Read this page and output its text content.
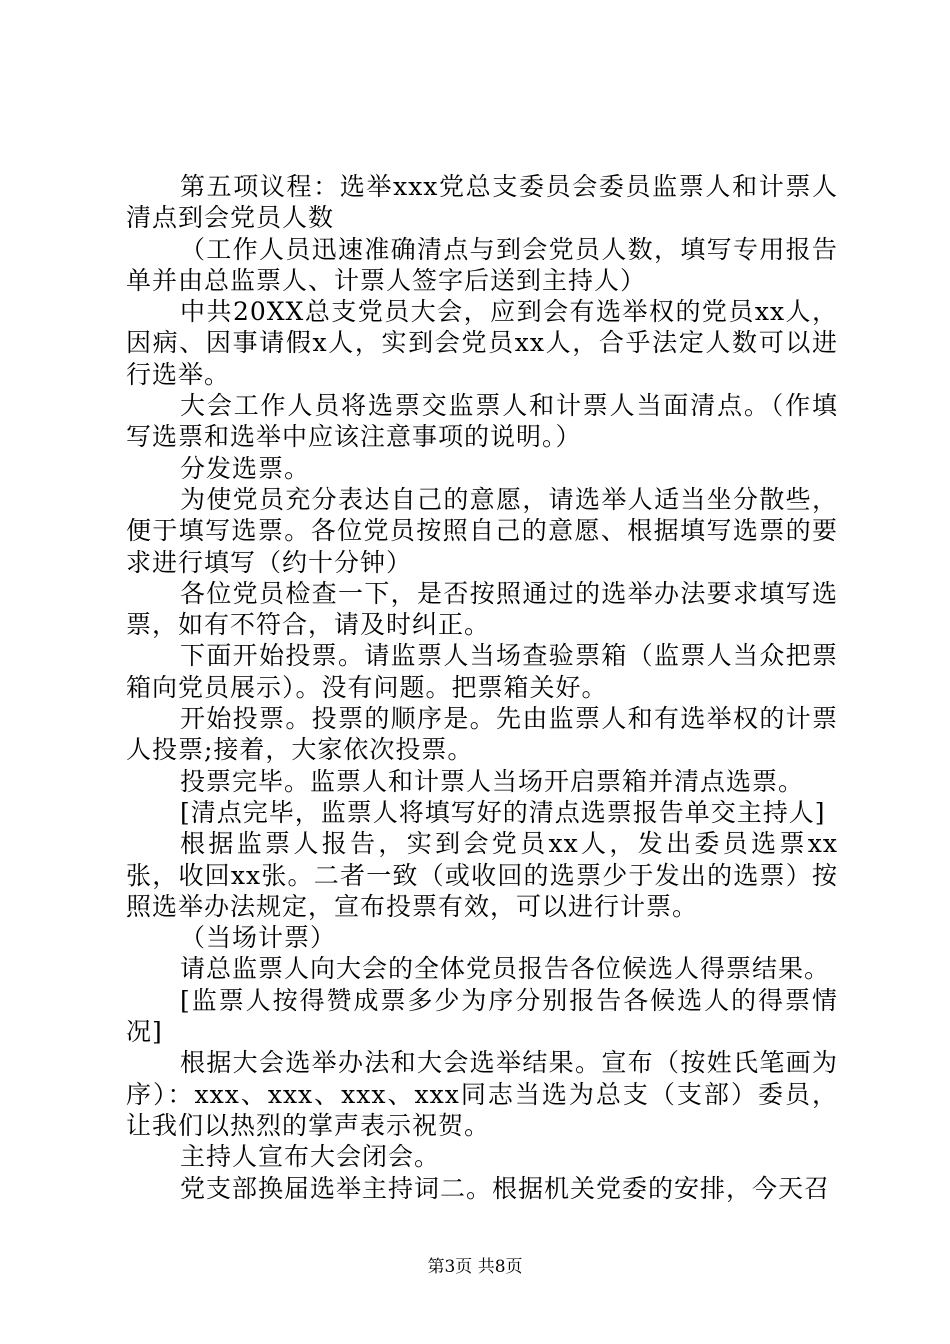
第五项议程：选举xxx党总支委员会委员监票人和计票人清点到会党员人数

（工作人员迅速准确清点与到会党员人数，填写专用报告单并由总监票人、计票人签字后送到主持人）

中共20XX总支党员大会，应到会有选举权的党员xx人，因病、因事请假x人，实到会党员xx人，合乎法定人数可以进行选举。

大会工作人员将选票交监票人和计票人当面清点。（作填写选票和选举中应该注意事项的说明。）

分发选票。

为使党员充分表达自己的意愿，请选举人适当坐分散些，便于填写选票。各位党员按照自己的意愿、根据填写选票的要求进行填写（约十分钟）

各位党员检查一下，是否按照通过的选举办法要求填写选票，如有不符合，请及时纠正。

下面开始投票。请监票人当场查验票箱（监票人当众把票箱向党员展示）。没有问题。把票箱关好。

开始投票。投票的顺序是。先由监票人和有选举权的计票人投票;接着，大家依次投票。

投票完毕。监票人和计票人当场开启票箱并清点选票。

[清点完毕，监票人将填写好的清点选票报告单交主持人]

根据监票人报告，实到会党员xx人，发出委员选票xx张，收回xx张。二者一致（或收回的选票少于发出的选票）按照选举办法规定，宣布投票有效，可以进行计票。

（当场计票）

请总监票人向大会的全体党员报告各位候选人得票结果。

[监票人按得赞成票多少为序分别报告各候选人的得票情况]

根据大会选举办法和大会选举结果。宣布（按姓氏笔画为序）：xxx、xxx、xxx、xxx同志当选为总支（支部）委员，让我们以热烈的掌声表示祝贺。

主持人宣布大会闭会。

党支部换届选举主持词二。根据机关党委的安排，今天召

第3页 共8页
